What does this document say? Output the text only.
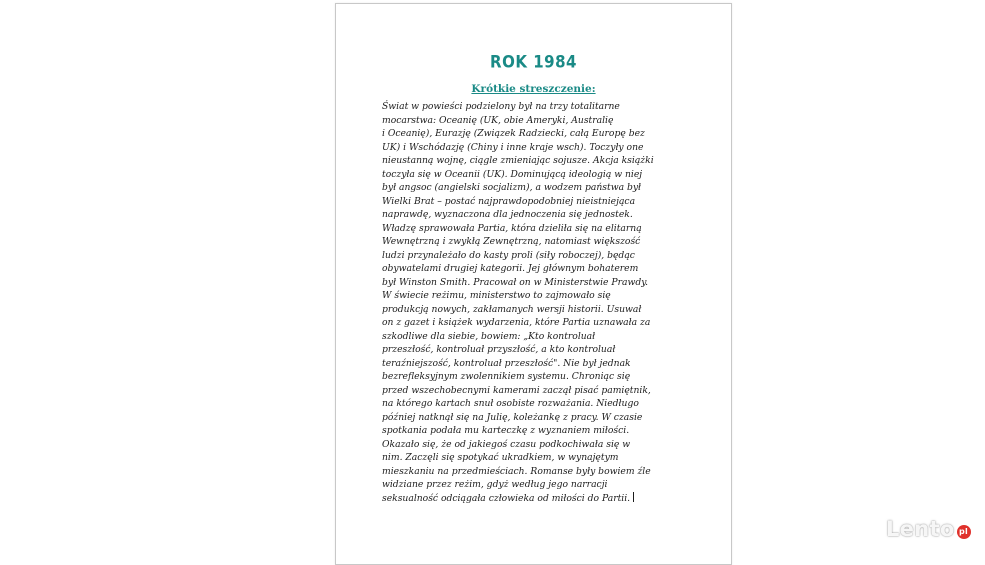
ROK 1984
Krótkie streszczenie:
Świat w powieści podzielony był na trzy totalitarne
mocarstwa: Oceanię (UK, obie Ameryki, Australię
i Oceanię), Eurazję (Związek Radziecki, całą Europę bez
UK) i Wschódazję (Chiny i inne kraje wsch). Toczyły one
nieustanną wojnę, ciągle zmieniając sojusze. Akcja książki
toczyła się w Oceanii (UK). Dominującą ideologią w niej
był angsoc (angielski socjalizm), a wodzem państwa był
Wielki Brat – postać najprawdopodobniej nieistniejąca
naprawdę, wyznaczona dla jednoczenia się jednostek.
Władzę sprawowała Partia, która dzieliła się na elitarną
Wewnętrzną i zwykłą Zewnętrzną, natomiast większość
ludzi przynależało do kasty proli (siły roboczej), będąc
obywatelami drugiej kategorii. Jej głównym bohaterem
był Winston Smith. Pracował on w Ministerstwie Prawdy.
W świecie reżimu, ministerstwo to zajmowało się
produkcją nowych, zakłamanych wersji historii. Usuwał
on z gazet i książek wydarzenia, które Partia uznawała za
szkodliwe dla siebie, bowiem: „Kto kontroluał
przeszłość, kontroluał przyszłość, a kto kontroluał
teraźniejszość, kontroluał przeszłość". Nie był jednak
bezrefleksyjnym zwolennikiem systemu. Chroniąc się
przed wszechobecnymi kamerami zaczął pisać pamiętnik,
na którego kartach snuł osobiste rozważania. Niedługo
później natknął się na Julię, koleżankę z pracy. W czasie
spotkania podała mu karteczkę z wyznaniem miłości.
Okazało się, że od jakiegoś czasu podkochiwała się w
nim. Zaczęli się spotykać ukradkiem, w wynajętym
mieszkaniu na przedmieściach. Romanse były bowiem źle
widziane przez reżim, gdyż według jego narracji
seksualność odciągała człowieka od miłości do Partii.
Lento pl
